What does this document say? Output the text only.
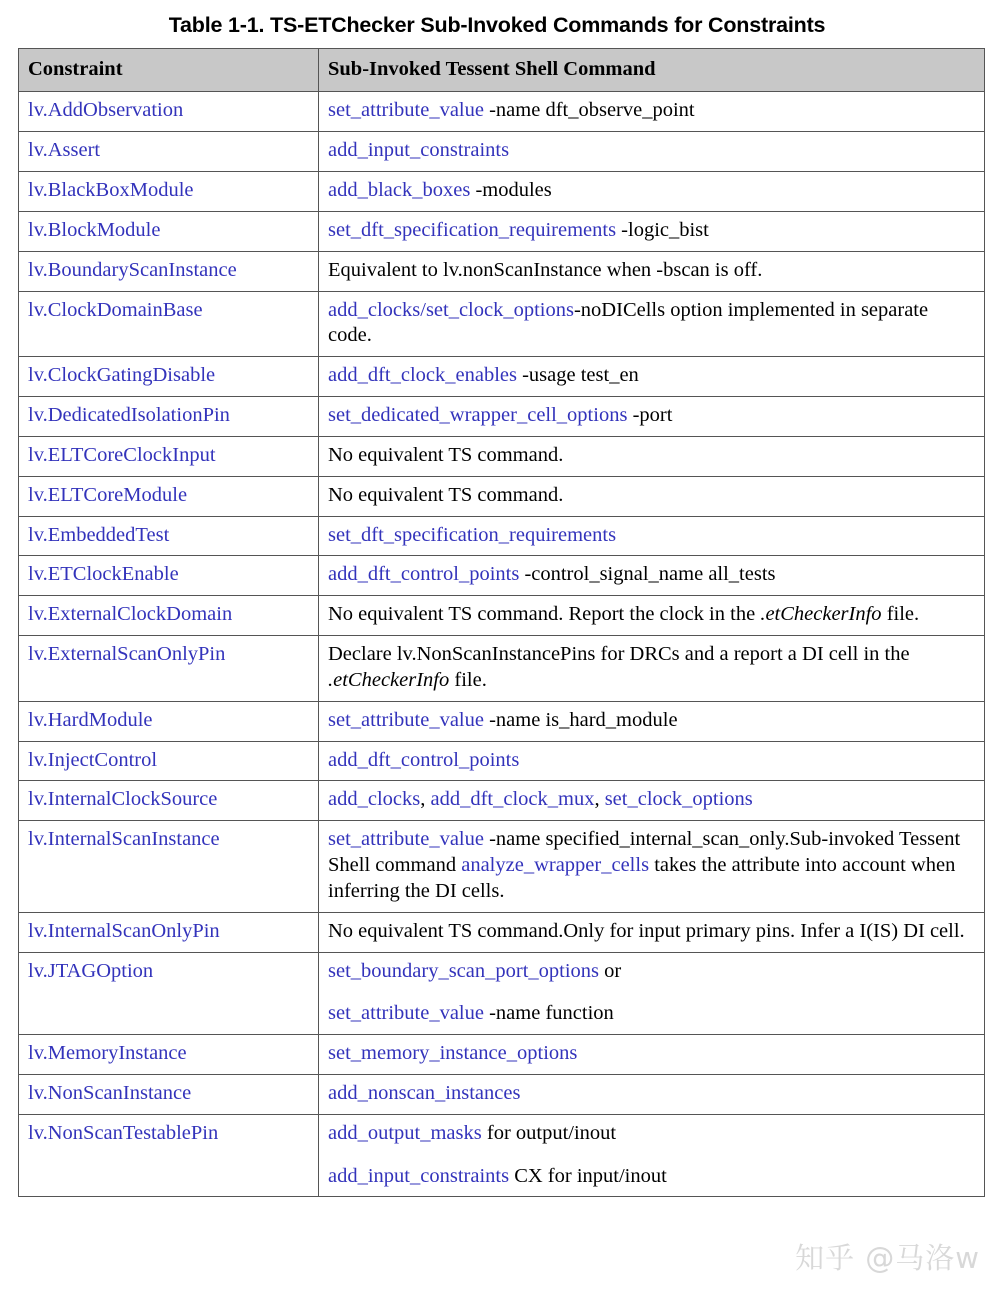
Table 1-1. TS-ETChecker Sub-Invoked Commands for Constraints
Constraint	Sub-Invoked Tessent Shell Command
lv.AddObservation	set_attribute_value -name dft_observe_point

lv.Assert	add_input_constraints

lv.BlackBoxModule	add_black_boxes -modules

lv.BlockModule	set_dft_specification_requirements -logic_bist

lv.BoundaryScanInstance	Equivalent to lv.nonScanInstance when -bscan is off.

lv.ClockDomainBase	add_clocks/set_clock_options-noDICells option implemented in separate code.

lv.ClockGatingDisable	add_dft_clock_enables -usage test_en

lv.DedicatedIsolationPin	set_dedicated_wrapper_cell_options -port

lv.ELTCoreClockInput	No equivalent TS command.

lv.ELTCoreModule	No equivalent TS command.

lv.EmbeddedTest	set_dft_specification_requirements

lv.ETClockEnable	add_dft_control_points -control_signal_name all_tests

lv.ExternalClockDomain	No equivalent TS command. Report the clock in the .etCheckerInfo file.

lv.ExternalScanOnlyPin	Declare lv.NonScanInstancePins for DRCs and a report a DI cell in the .etCheckerInfo file.

lv.HardModule	set_attribute_value -name is_hard_module

lv.InjectControl	add_dft_control_points

lv.InternalClockSource	add_clocks, add_dft_clock_mux, set_clock_options

lv.InternalScanInstance	set_attribute_value -name specified_internal_scan_only.Sub-invoked Tessent Shell command analyze_wrapper_cells takes the attribute into account when inferring the DI cells.

lv.InternalScanOnlyPin	No equivalent TS command.Only for input primary pins. Infer a I(IS) DI cell.

lv.JTAGOption	set_boundary_scan_port_options or

set_attribute_value -name function

lv.MemoryInstance	set_memory_instance_options

lv.NonScanInstance	add_nonscan_instances

lv.NonScanTestablePin	add_output_masks for output/inout

add_input_constraints CX for input/inout

知乎 @马洛w
